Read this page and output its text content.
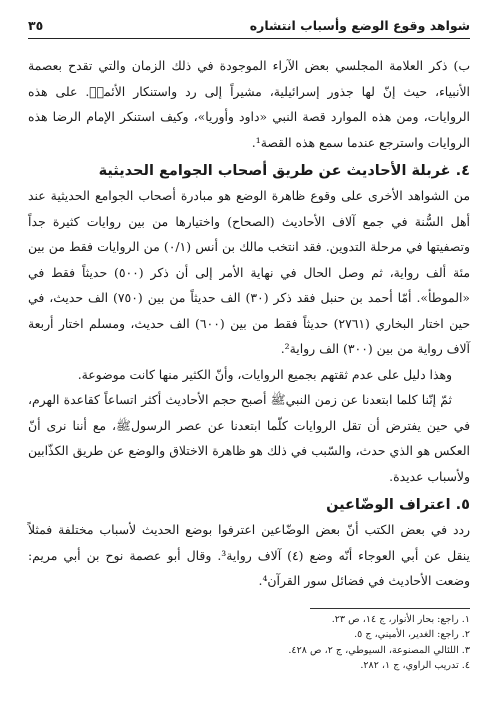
شواهد وقوع الوضع وأسباب انتشاره
٣٥

ب) ذكر العلامة المجلسي بعض الآراء الموجودة في ذلك الزمان والتي تقدح بعصمة الأنبياء، حيث إنّ لها جذور إسرائيلية، مشيراً إلى رد واستنكار الأئمةؑ. على هذه الروايات، ومن هذه الموارد قصة النبي «داود وأوريا»، وكيف استنكر الإمام الرضا هذه الروايات واسترجع عندما سمع هذه القصة¹.

٤. غربلة الأحاديث عن طريق أصحاب الجوامع الحديثية

من الشواهد الأخرى على وقوع ظاهرة الوضع هو مبادرة أصحاب الجوامع الحديثية عند أهل السُّنة في جمع آلاف الأحاديث (الصحاح) واختيارها من بين روايات كثيرة جداً وتصفيتها في مرحلة التدوين. فقد انتخب مالك بن أنس (٠/١) من الروايات فقط من بين مئة ألف رواية، ثم وصل الحال في نهاية الأمر إلى أن ذكر (٥٠٠) حديثاً فقط في «الموطأ». أمّا أحمد بن حنبل فقد ذكر (٣٠) الف حديثاً من بين (٧٥٠) الف حديث، في حين اختار البخاري (٢٧٦١) حديثاً فقط من بين (٦٠٠) الف حديث، ومسلم اختار أربعة آلاف رواية من بين (٣٠٠) الف رواية².

وهذا دليل على عدم ثقتهم بجميع الروايات، وأنّ الكثير منها كانت موضوعة.

ثمّ إنّنا كلما ابتعدنا عن زمن النبيﷺ أصبح حجم الأحاديث أكثر اتساعاً كقاعدة الهرم، في حين يفترض أن تقل الروايات كلّما ابتعدنا عن عصر الرسولﷺ، مع أننا نرى أنّ العكس هو الذي حدث، والسّبب في ذلك هو ظاهرة الاختلاق والوضع عن طريق الكذّابين ولأسباب عديدة.

٥. اعتراف الوضّاعين

ردد في بعض الكتب أنّ بعض الوضّاعين اعترفوا بوضع الحديث لأسباب مختلفة فمثلاً ينقل عن أبي العوجاء أنّه وضع (٤) آلاف رواية³. وقال أبو عصمة نوح بن أبي مريم: وضعت الأحاديث في فضائل سور القرآن⁴.

١. راجع: بحار الأنوار، ج ١٤، ص ٢٣.

٢. راجع: الغدير، الأميني، ج ٥.

٣. اللئالي المصنوعة، السيوطي، ج ٢، ص ٤٢٨.

٤. تدريب الراوي، ج ١، ٢٨٢.
